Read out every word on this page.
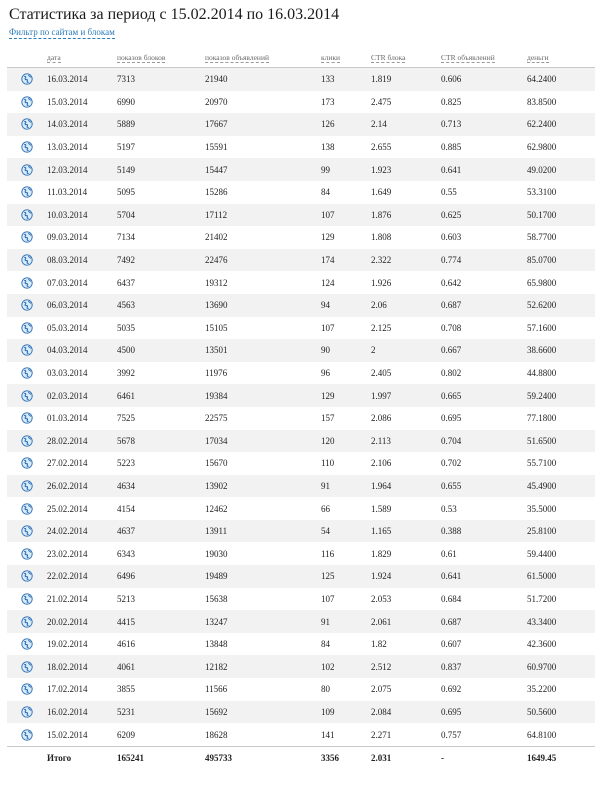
Статистика за период с 15.02.2014 по 16.03.2014
Фильтр по сайтам и блокам
	дата	показов блоков	показов объявлений	клики	CTR блока	CTR объявлений	деньги
	16.03.2014	7313	21940	133	1.819	0.606	64.2400
	15.03.2014	6990	20970	173	2.475	0.825	83.8500
	14.03.2014	5889	17667	126	2.14	0.713	62.2400
	13.03.2014	5197	15591	138	2.655	0.885	62.9800
	12.03.2014	5149	15447	99	1.923	0.641	49.0200
	11.03.2014	5095	15286	84	1.649	0.55	53.3100
	10.03.2014	5704	17112	107	1.876	0.625	50.1700
	09.03.2014	7134	21402	129	1.808	0.603	58.7700
	08.03.2014	7492	22476	174	2.322	0.774	85.0700
	07.03.2014	6437	19312	124	1.926	0.642	65.9800
	06.03.2014	4563	13690	94	2.06	0.687	52.6200
	05.03.2014	5035	15105	107	2.125	0.708	57.1600
	04.03.2014	4500	13501	90	2	0.667	38.6600
	03.03.2014	3992	11976	96	2.405	0.802	44.8800
	02.03.2014	6461	19384	129	1.997	0.665	59.2400
	01.03.2014	7525	22575	157	2.086	0.695	77.1800
	28.02.2014	5678	17034	120	2.113	0.704	51.6500
	27.02.2014	5223	15670	110	2.106	0.702	55.7100
	26.02.2014	4634	13902	91	1.964	0.655	45.4900
	25.02.2014	4154	12462	66	1.589	0.53	35.5000
	24.02.2014	4637	13911	54	1.165	0.388	25.8100
	23.02.2014	6343	19030	116	1.829	0.61	59.4400
	22.02.2014	6496	19489	125	1.924	0.641	61.5000
	21.02.2014	5213	15638	107	2.053	0.684	51.7200
	20.02.2014	4415	13247	91	2.061	0.687	43.3400
	19.02.2014	4616	13848	84	1.82	0.607	42.3600
	18.02.2014	4061	12182	102	2.512	0.837	60.9700
	17.02.2014	3855	11566	80	2.075	0.692	35.2200
	16.02.2014	5231	15692	109	2.084	0.695	50.5600
	15.02.2014	6209	18628	141	2.271	0.757	64.8100
	Итого	165241	495733	3356	2.031	-	1649.45
